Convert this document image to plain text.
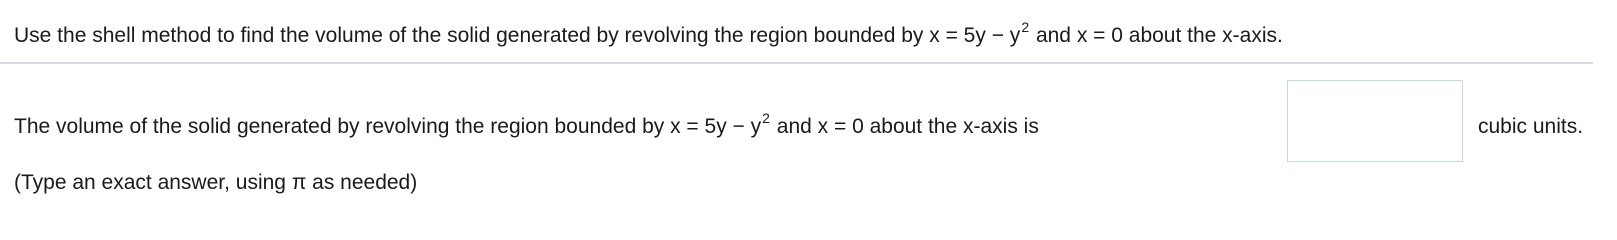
Use the shell method to find the volume of the solid generated by revolving the region bounded by $x = 5y - y^2$ and x = 0 about the x-axis.
The volume of the solid generated by revolving the region bounded by $x = 5y - y^2$ and x = 0 about the x-axis is	cubic units.
(Type an exact answer, using π as needed)
